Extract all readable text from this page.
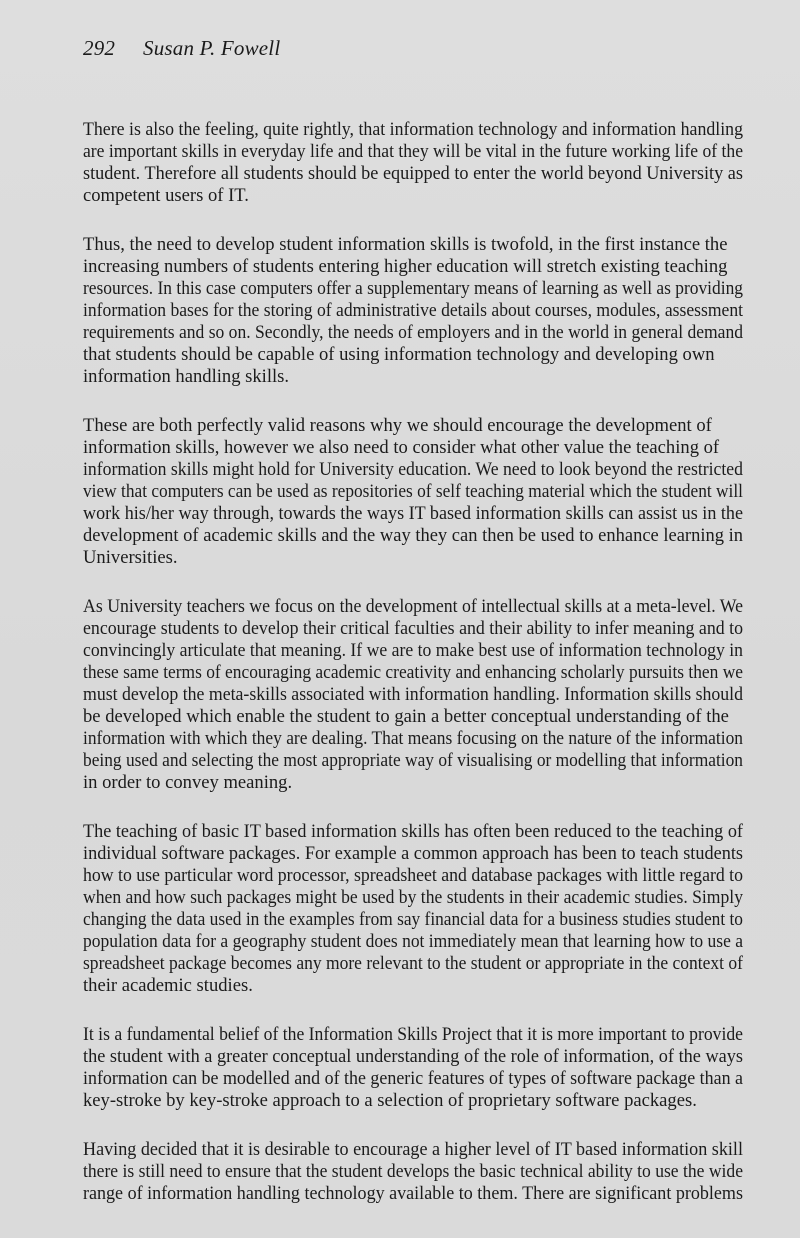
292 Susan P. Fowell

There is also the feeling, quite rightly, that information technology and information handling
are important skills in everyday life and that they will be vital in the future working life of the
student. Therefore all students should be equipped to enter the world beyond University as
competent users of IT.

Thus, the need to develop student information skills is twofold, in the first instance the
increasing numbers of students entering higher education will stretch existing teaching
resources. In this case computers offer a supplementary means of learning as well as providing
information bases for the storing of administrative details about courses, modules, assessment
requirements and so on. Secondly, the needs of employers and in the world in general demand
that students should be capable of using information technology and developing own
information handling skills.

These are both perfectly valid reasons why we should encourage the development of
information skills, however we also need to consider what other value the teaching of
information skills might hold for University education. We need to look beyond the restricted
view that computers can be used as repositories of self teaching material which the student will
work his/her way through, towards the ways IT based information skills can assist us in the
development of academic skills and the way they can then be used to enhance learning in
Universities.

As University teachers we focus on the development of intellectual skills at a meta-level. We
encourage students to develop their critical faculties and their ability to infer meaning and to
convincingly articulate that meaning. If we are to make best use of information technology in
these same terms of encouraging academic creativity and enhancing scholarly pursuits then we
must develop the meta-skills associated with information handling. Information skills should
be developed which enable the student to gain a better conceptual understanding of the
information with which they are dealing. That means focusing on the nature of the information
being used and selecting the most appropriate way of visualising or modelling that information
in order to convey meaning.

The teaching of basic IT based information skills has often been reduced to the teaching of
individual software packages. For example a common approach has been to teach students
how to use particular word processor, spreadsheet and database packages with little regard to
when and how such packages might be used by the students in their academic studies. Simply
changing the data used in the examples from say financial data for a business studies student to
population data for a geography student does not immediately mean that learning how to use a
spreadsheet package becomes any more relevant to the student or appropriate in the context of
their academic studies.

It is a fundamental belief of the Information Skills Project that it is more important to provide
the student with a greater conceptual understanding of the role of information, of the ways
information can be modelled and of the generic features of types of software package than a
key-stroke by key-stroke approach to a selection of proprietary software packages.

Having decided that it is desirable to encourage a higher level of IT based information skill
there is still need to ensure that the student develops the basic technical ability to use the wide
range of information handling technology available to them. There are significant problems
